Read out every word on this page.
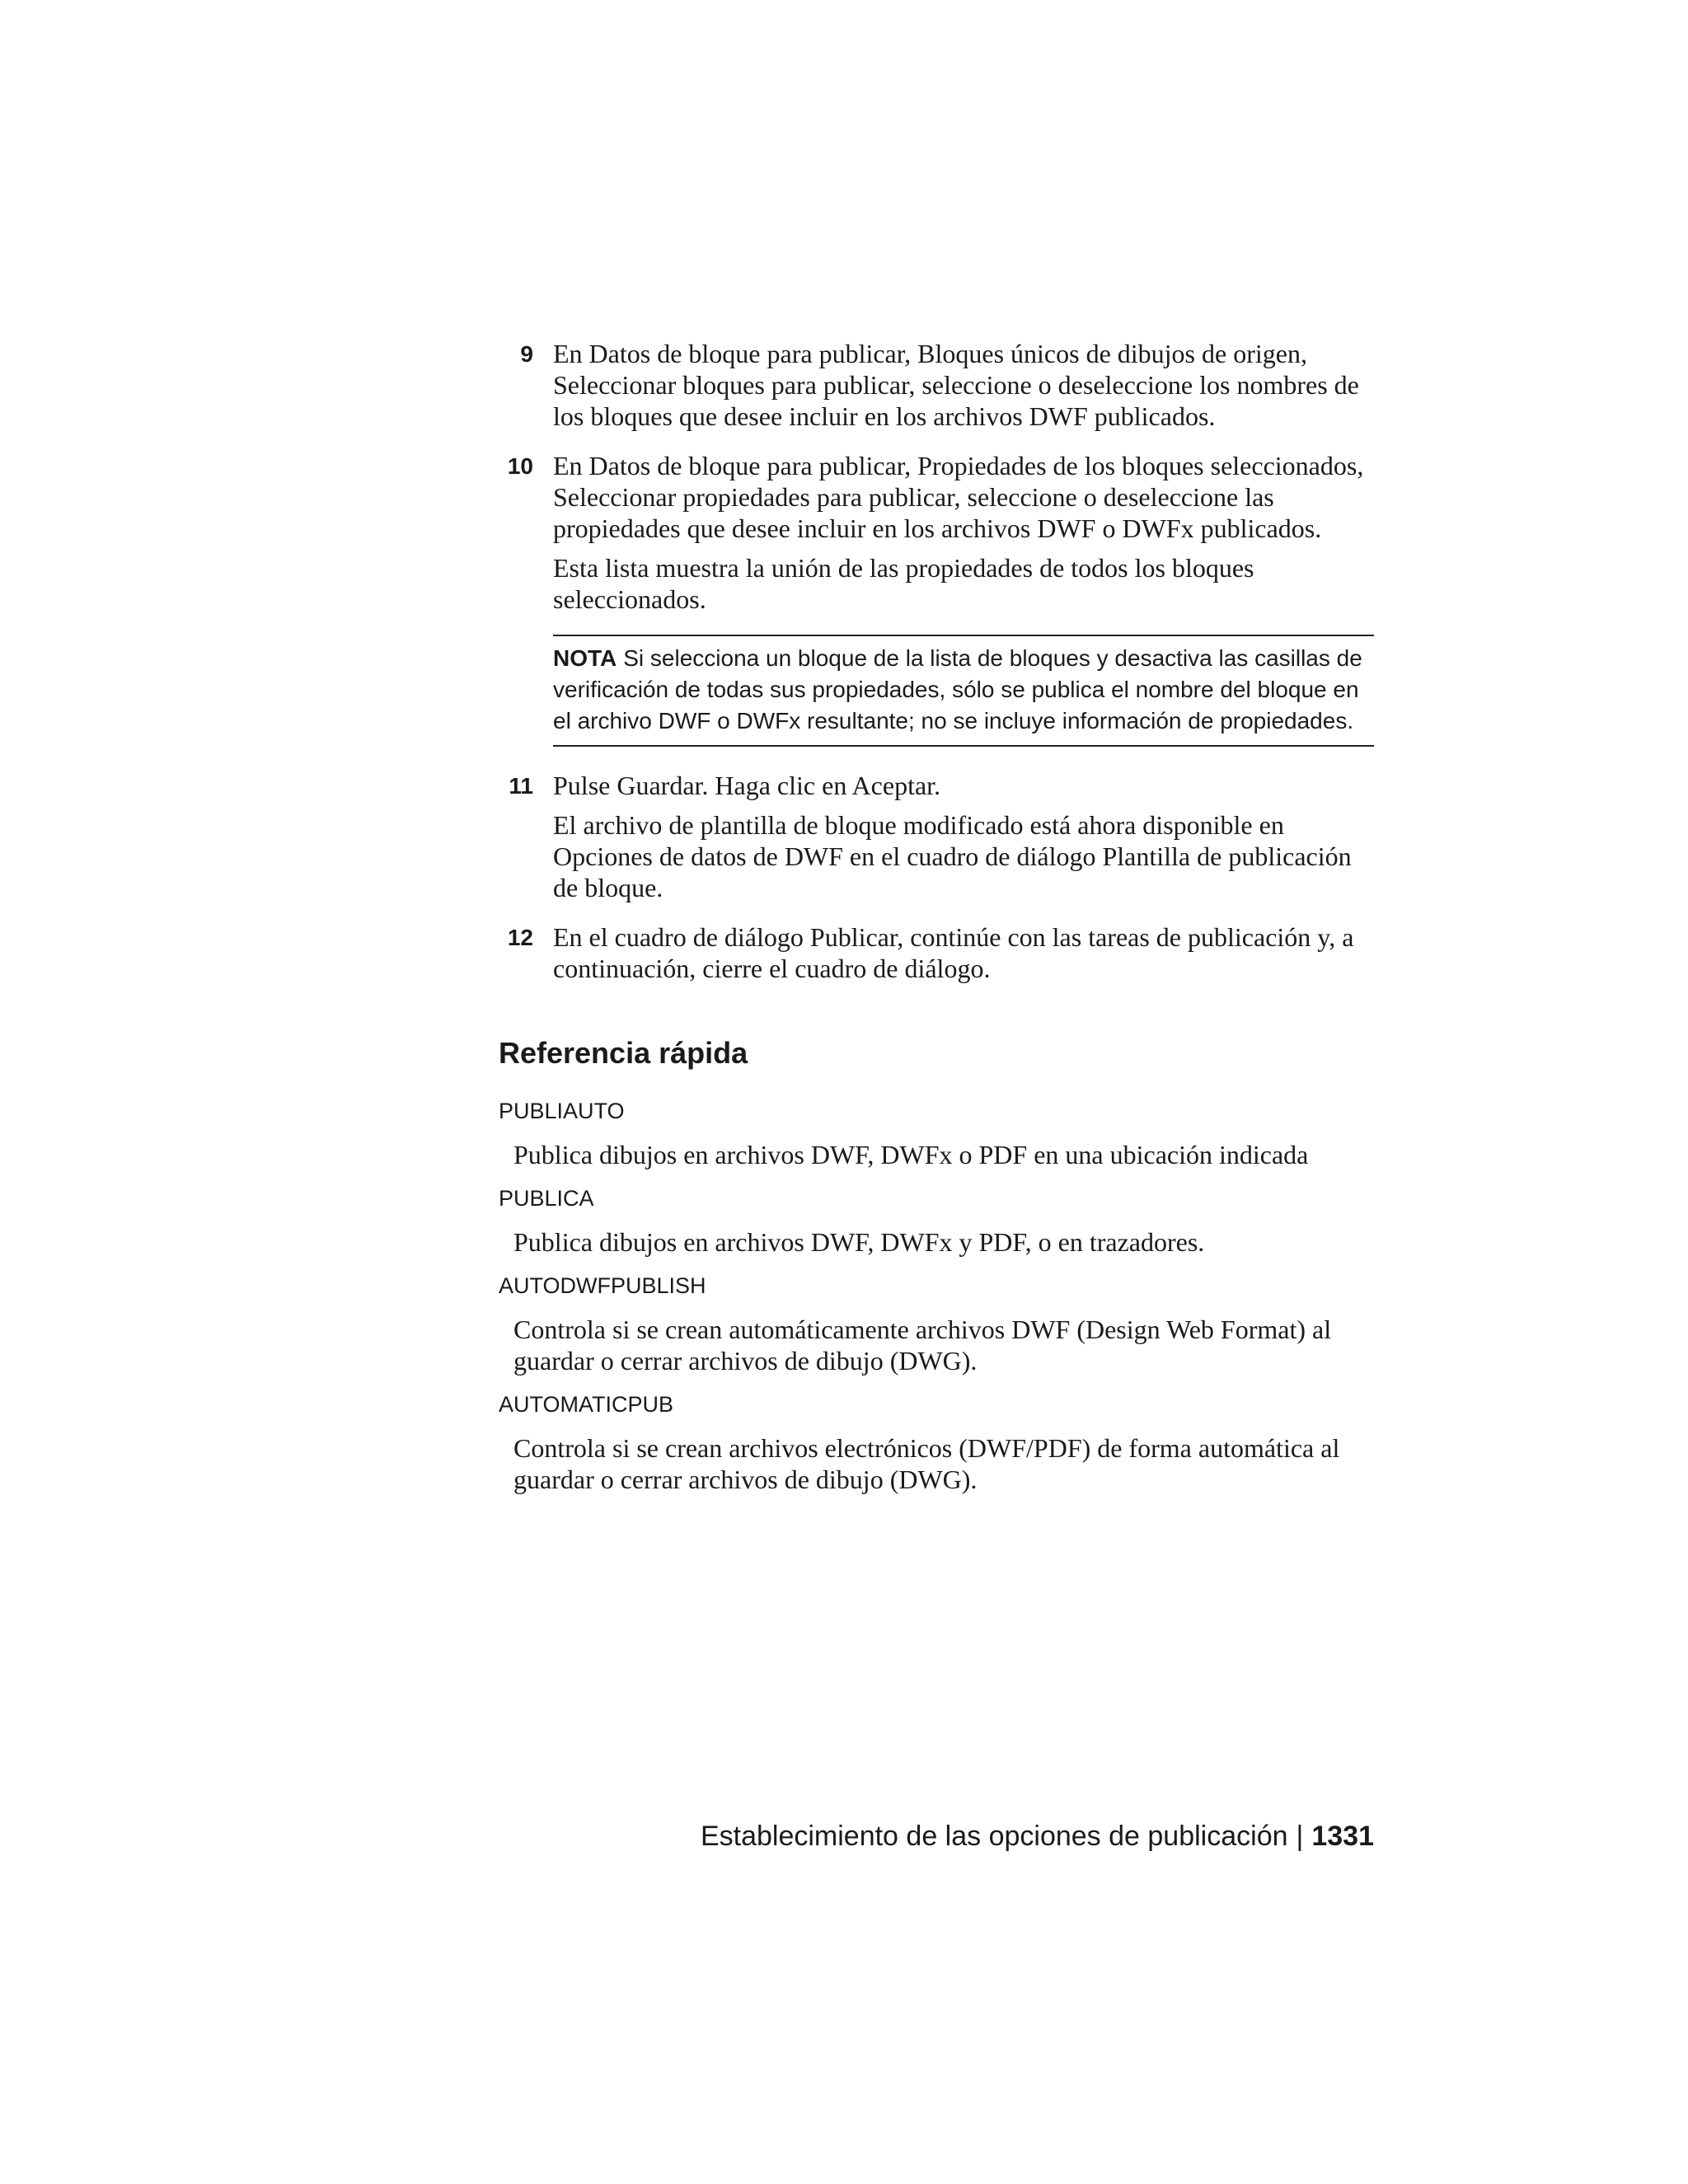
9 En Datos de bloque para publicar, Bloques únicos de dibujos de origen, Seleccionar bloques para publicar, seleccione o deseleccione los nombres de los bloques que desee incluir en los archivos DWF publicados.

10 En Datos de bloque para publicar, Propiedades de los bloques seleccionados, Seleccionar propiedades para publicar, seleccione o deseleccione las propiedades que desee incluir en los archivos DWF o DWFx publicados.

Esta lista muestra la unión de las propiedades de todos los bloques seleccionados.

NOTA Si selecciona un bloque de la lista de bloques y desactiva las casillas de verificación de todas sus propiedades, sólo se publica el nombre del bloque en el archivo DWF o DWFx resultante; no se incluye información de propiedades.
11 Pulse Guardar. Haga clic en Aceptar.

El archivo de plantilla de bloque modificado está ahora disponible en Opciones de datos de DWF en el cuadro de diálogo Plantilla de publicación de bloque.

12 En el cuadro de diálogo Publicar, continúe con las tareas de publicación y, a continuación, cierre el cuadro de diálogo.

Referencia rápida
PUBLIAUTO
Publica dibujos en archivos DWF, DWFx o PDF en una ubicación indicada
PUBLICA
Publica dibujos en archivos DWF, DWFx y PDF, o en trazadores.
AUTODWFPUBLISH
Controla si se crean automáticamente archivos DWF (Design Web Format) al guardar o cerrar archivos de dibujo (DWG).
AUTOMATICPUB
Controla si se crean archivos electrónicos (DWF/PDF) de forma automática al guardar o cerrar archivos de dibujo (DWG).
Establecimiento de las opciones de publicación | 1331
